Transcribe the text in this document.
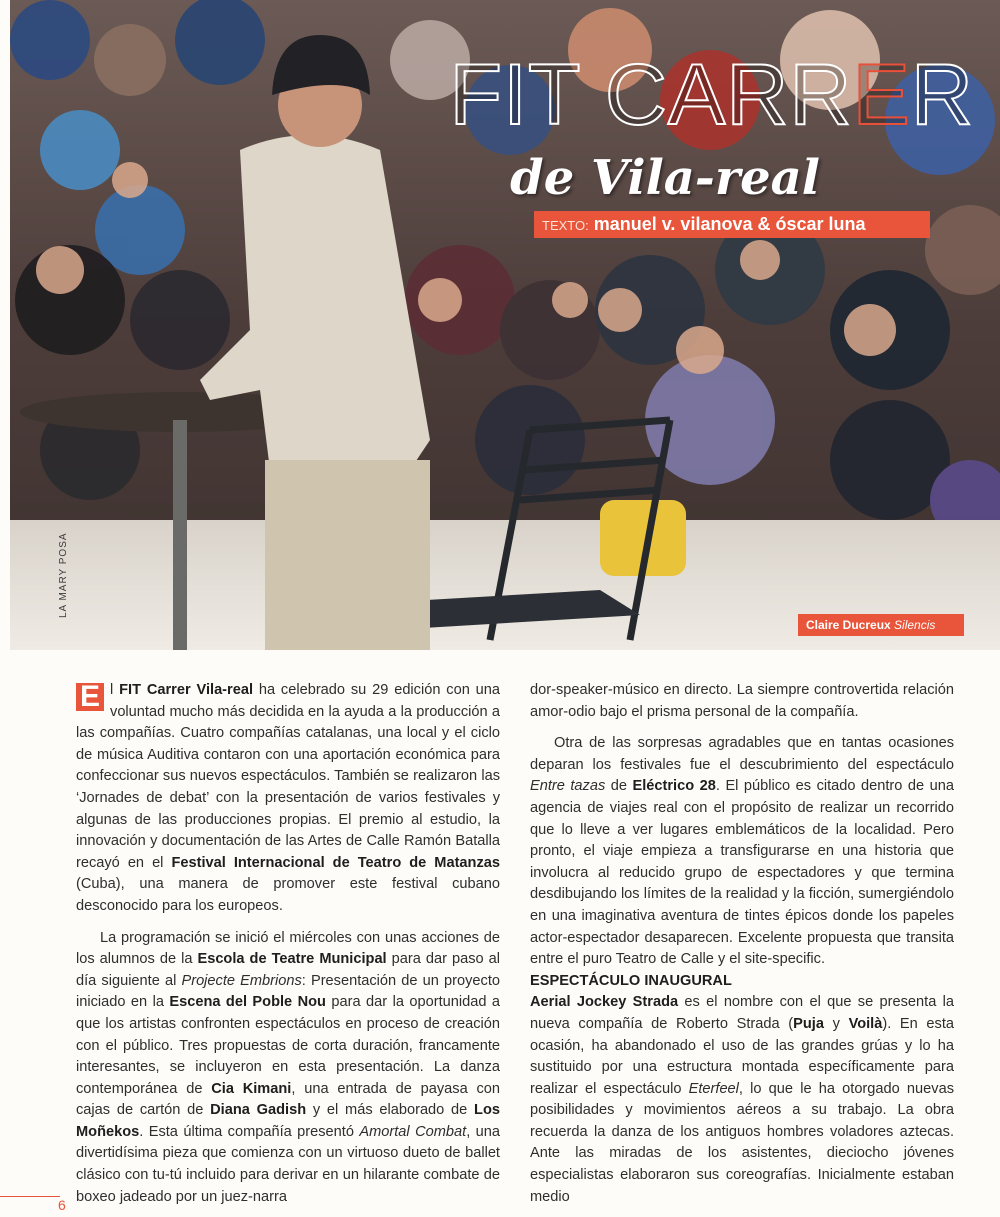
FIT CARRER
de Vila-real
TEXTO: manuel v. vilanova & óscar luna
Claire Ducreux Silencis
LA MARY POSA

E l FIT Carrer Vila-real ha celebrado su 29 edición con una voluntad mucho más decidida en la ayuda a la producción a las compañías. Cuatro compañías catalanas, una local y el ciclo de música Auditiva contaron con una aportación económica para confeccionar sus nuevos espectáculos. También se realizaron las ‘Jornades de debat’ con la presentación de varios festivales y algunas de las producciones propias. El premio al estudio, la innovación y documentación de las Artes de Calle Ramón Batalla recayó en el Festival Internacional de Teatro de Matanzas (Cuba), una manera de promover este festival cubano desconocido para los europeos.

La programación se inició el miércoles con unas acciones de los alumnos de la Escola de Teatre Municipal para dar paso al día siguiente al Projecte Embrions: Presentación de un proyecto iniciado en la Escena del Poble Nou para dar la oportunidad a que los artistas confronten espectáculos en proceso de creación con el público. Tres propuestas de corta duración, francamente interesantes, se incluyeron en esta presentación. La danza contemporánea de Cia Kimani, una entrada de payasa con cajas de cartón de Diana Gadish y el más elaborado de Los Moñekos. Esta última compañía presentó Amortal Combat, una divertidísima pieza que comienza con un virtuoso dueto de ballet clásico con tu-tú incluido para derivar en un hilarante combate de boxeo jadeado por un juez-narra

dor-speaker-músico en directo. La siempre controvertida relación amor-odio bajo el prisma personal de la compañía.

Otra de las sorpresas agradables que en tantas ocasiones deparan los festivales fue el descubrimiento del espectáculo Entre tazas de Eléctrico 28. El público es citado dentro de una agencia de viajes real con el propósito de realizar un recorrido que lo lleve a ver lugares emblemáticos de la localidad. Pero pronto, el viaje empieza a transfigurarse en una historia que involucra al reducido grupo de espectadores y que termina desdibujando los límites de la realidad y la ficción, sumergiéndolo en una imaginativa aventura de tintes épicos donde los papeles actor-espectador desaparecen. Excelente propuesta que transita entre el puro Teatro de Calle y el site-specific.

ESPECTÁCULO INAUGURAL

Aerial Jockey Strada es el nombre con el que se presenta la nueva compañía de Roberto Strada (Puja y Voilà). En esta ocasión, ha abandonado el uso de las grandes grúas y lo ha sustituido por una estructura montada específicamente para realizar el espectáculo Eterfeel, lo que le ha otorgado nuevas posibilidades y movimientos aéreos a su trabajo. La obra recuerda la danza de los antiguos hombres voladores aztecas. Ante las miradas de los asistentes, dieciocho jóvenes especialistas elaboraron sus coreografías. Inicialmente estaban medio

6
